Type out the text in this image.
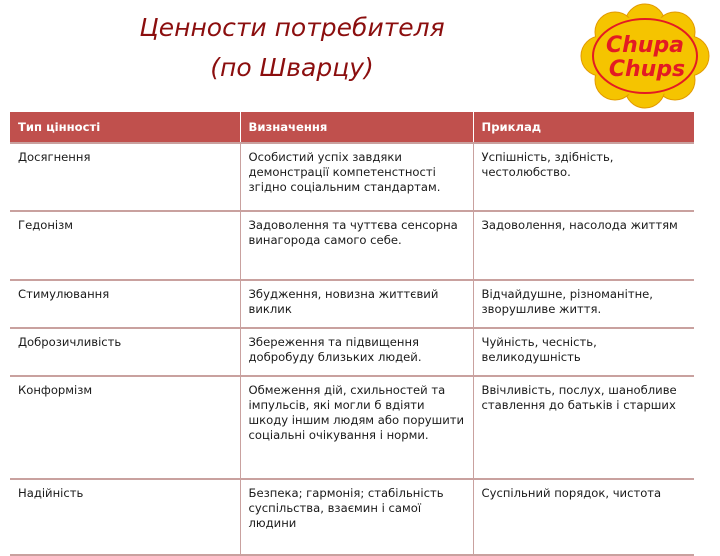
Ценности потребителя
(по Шварцу)
Chupa
Chups
Тип цінності	Визначення	Приклад
Досягнення	Особистий успіх завдяки демонстрації компетенстності згідно соціальним стандартам.	Успішність, здібність, честолюбство.
Гедонізм	Задоволення та чуттєва сенсорна винагорода самого себе.	Задоволення, насолода життям
Стимулювання	Збудження, новизна життєвий виклик	Відчайдушне, різноманітне, зворушливе життя.
Доброзичливість	Збереження та підвищення добробуду близьких людей.	Чуйність, чесність, великодушність
Конформізм	Обмеження дій, схильностей та імпульсів, які могли б вдіяти шкоду іншим людям або порушити соціальні очікування і норми.	Ввічливість, послух, шанобливе ставлення до батьків і старших
Надійність	Безпека; гармонія; стабільність суспільства, взаємин і самої людини	Суспільний порядок, чистота
